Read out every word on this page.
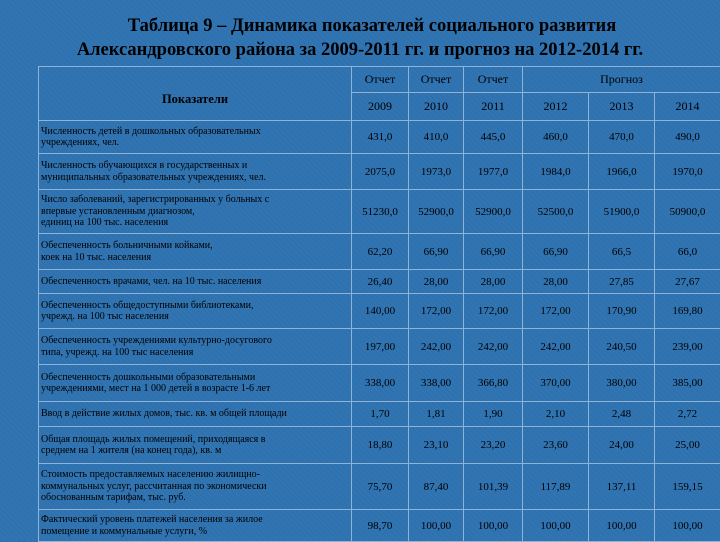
Таблица 9 – Динамика показателей социального развития
Александровского района за 2009-2011 гг. и прогноз на 2012-2014 гг.
Показатели	Отчет	Отчет	Отчет	Прогноз		
	2009	2010	2011	2012	2013	2014
Численность детей в дошкольных образовательных
учреждениях, чел.	431,0	410,0	445,0	460,0	470,0	490,0
Численность обучающихся в государственных и
муниципальных образовательных учреждениях, чел.	2075,0	1973,0	1977,0	1984,0	1966,0	1970,0
Число заболеваний, зарегистрированных у больных с
впервые установленным диагнозом,
единиц на 100 тыс. населения	51230,0	52900,0	52900,0	52500,0	51900,0	50900,0
Обеспеченность больничными койками,
коек на 10 тыс. населения	62,20	66,90	66,90	66,90	66,5	66,0
Обеспеченность врачами, чел. на 10 тыс. населения	26,40	28,00	28,00	28,00	27,85	27,67
Обеспеченность общедоступными библиотеками,
учрежд. на 100 тыс населения	140,00	172,00	172,00	172,00	170,90	169,80
Обеспеченность учреждениями культурно-досугового
типа, учрежд. на 100 тыс населения	197,00	242,00	242,00	242,00	240,50	239,00
Обеспеченность дошкольными образовательными
учреждениями, мест на 1 000 детей в возрасте 1-6 лет	338,00	338,00	366,80	370,00	380,00	385,00
Ввод в действие жилых домов, тыс. кв. м общей площади	1,70	1,81	1,90	2,10	2,48	2,72
Общая площадь жилых помещений, приходящаяся в
среднем на 1 жителя (на конец года), кв. м	18,80	23,10	23,20	23,60	24,00	25,00
Стоимость предоставляемых населению жилищно-
коммунальных услуг, рассчитанная по экономически
обоснованным тарифам, тыс. руб.	75,70	87,40	101,39	117,89	137,11	159,15
Фактический уровень платежей населения за жилое
помещение и коммунальные услуги, %	98,70	100,00	100,00	100,00	100,00	100,00
